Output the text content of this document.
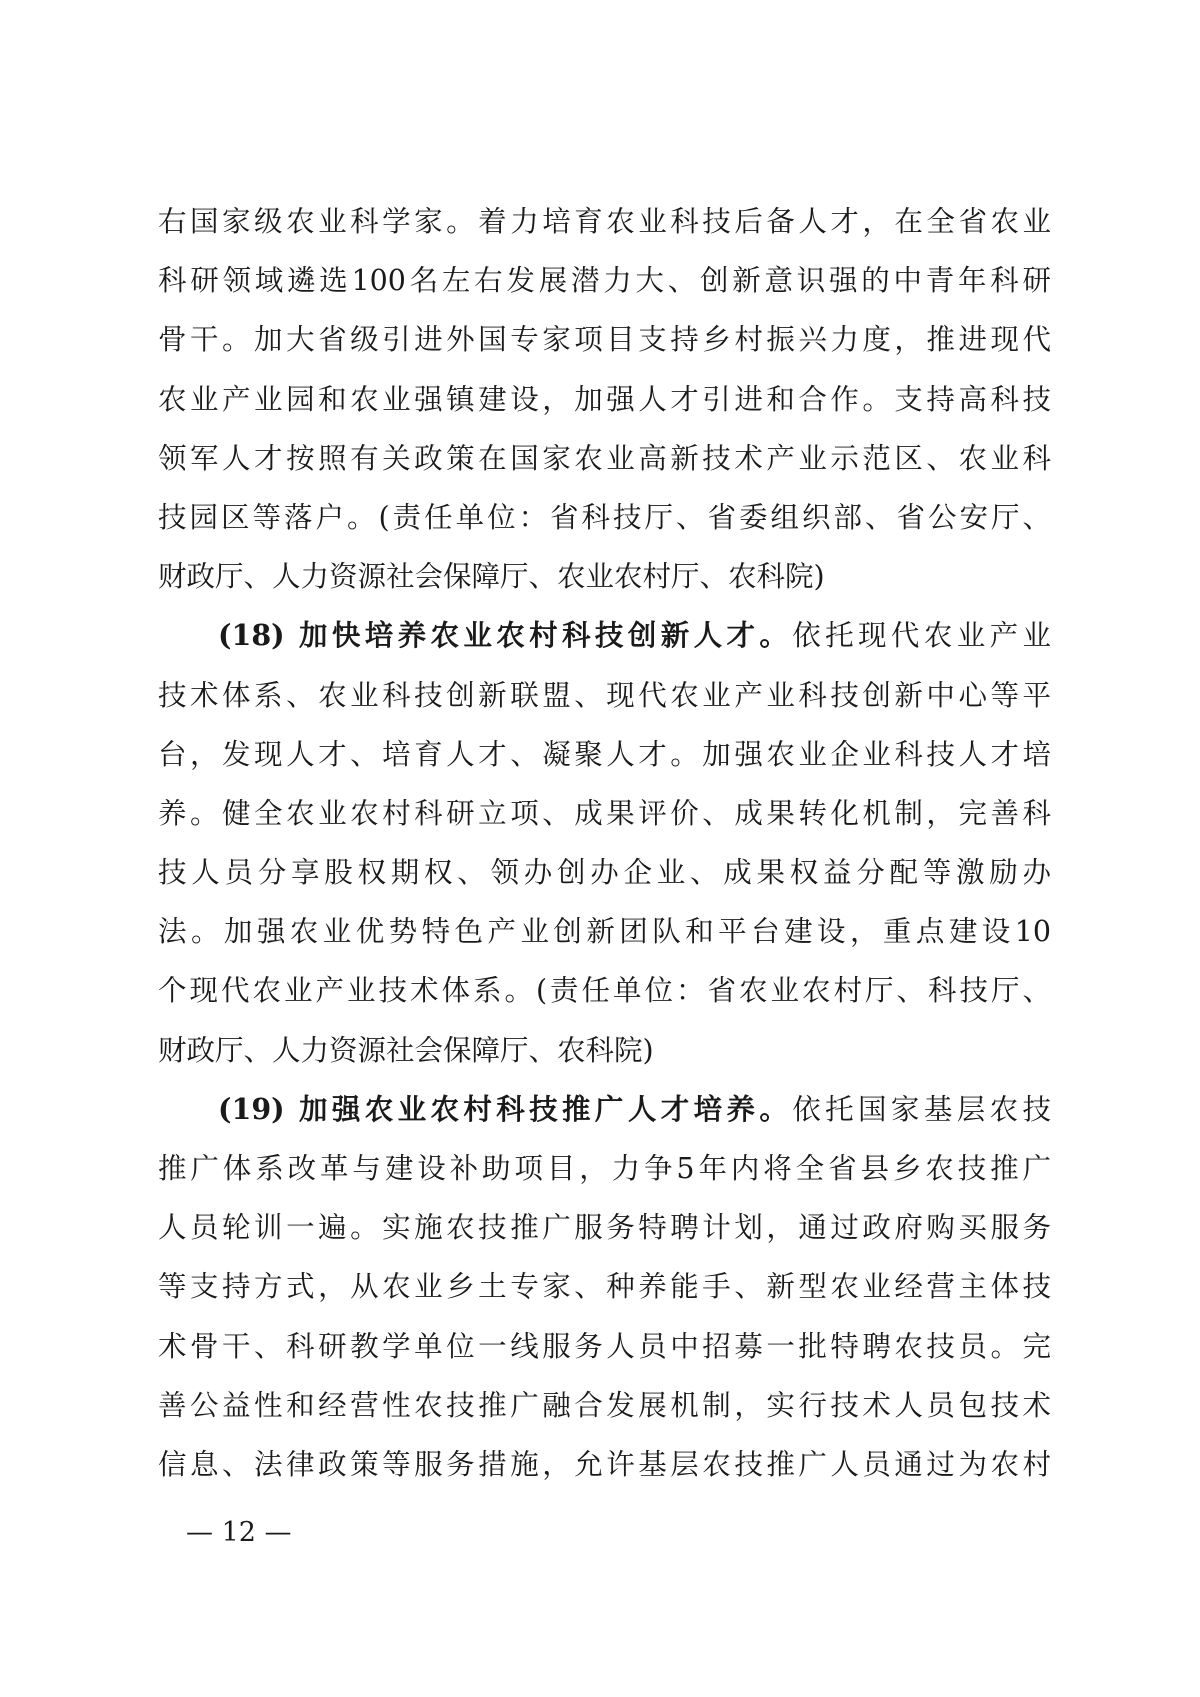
右国家级农业科学家。着力培育农业科技后备人才，在全省农业
科研领域遴选100名左右发展潜力大、创新意识强的中青年科研
骨干。加大省级引进外国专家项目支持乡村振兴力度，推进现代
农业产业园和农业强镇建设，加强人才引进和合作。支持高科技
领军人才按照有关政策在国家农业高新技术产业示范区、农业科
技园区等落户。(责任单位：省科技厅、省委组织部、省公安厅、
财政厅、人力资源社会保障厅、农业农村厅、农科院)
(18) 加快培养农业农村科技创新人才。依托现代农业产业
技术体系、农业科技创新联盟、现代农业产业科技创新中心等平
台，发现人才、培育人才、凝聚人才。加强农业企业科技人才培
养。健全农业农村科研立项、成果评价、成果转化机制，完善科
技人员分享股权期权、领办创办企业、成果权益分配等激励办
法。加强农业优势特色产业创新团队和平台建设，重点建设10
个现代农业产业技术体系。(责任单位：省农业农村厅、科技厅、
财政厅、人力资源社会保障厅、农科院)
(19) 加强农业农村科技推广人才培养。依托国家基层农技
推广体系改革与建设补助项目，力争5年内将全省县乡农技推广
人员轮训一遍。实施农技推广服务特聘计划，通过政府购买服务
等支持方式，从农业乡土专家、种养能手、新型农业经营主体技
术骨干、科研教学单位一线服务人员中招募一批特聘农技员。完
善公益性和经营性农技推广融合发展机制，实行技术人员包技术
信息、法律政策等服务措施，允许基层农技推广人员通过为农村
— 12 —
